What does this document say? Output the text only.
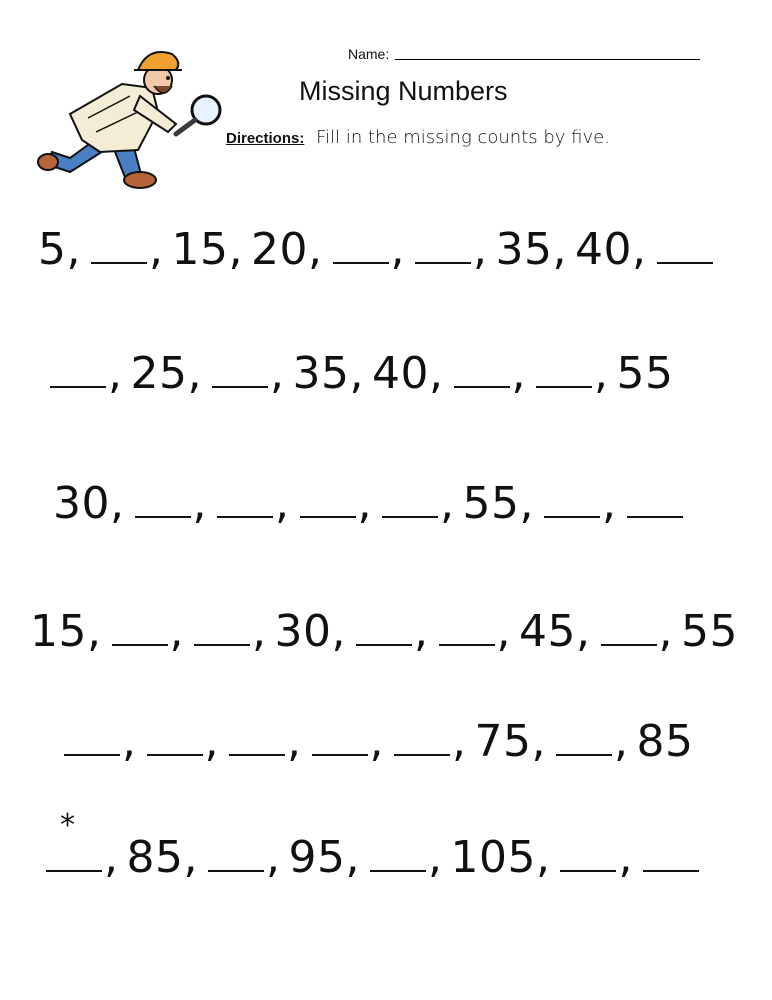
Name:
Missing Numbers
Directions: Fill in the missing counts by five.
*
5, , 15, 20, , , 35, 40,
, 25, , 35, 40, , , 55
30, , , , , 55, ,
15, , , 30, , , 45, , 55
, , , , , 75, , 85
, 85, , 95, , 105, ,
